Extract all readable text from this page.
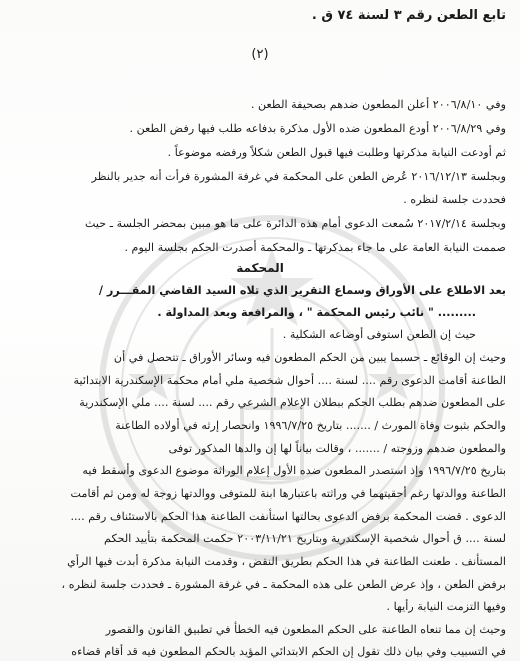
تابع الطعن رقم ٣ لسنة ٧٤ ق .
(٢)
وفي ٢٠٠٦/٨/١٠ أعلن المطعون ضدهم بصحيفة الطعن .
وفي ٢٠٠٦/٨/٢٩ أودع المطعون ضده الأول مذكرة بدفاعه طلب فيها رفض الطعن .
ثم أودعت النيابة مذكرتها وطلبت فيها قبول الطعن شكلاً ورفضه موضوعاً .
وبجلسة ٢٠١٦/١٢/١٣ عُرض الطعن على المحكمة في غرفة المشورة فرأت أنه جدير بالنظر
فحددت جلسة لنظره .
وبجلسة ٢٠١٧/٢/١٤ سُمعت الدعوى أمام هذه الدائرة على ما هو مبين بمحضر الجلسة ـ حيث
صممت النيابة العامة على ما جاء بمذكرتها ـ والمحكمة أصدرت الحكم بجلسة اليوم .
المحكمة
بعد الاطلاع على الأوراق وسماع التقرير الذي تلاه السيد القاضي المقـــرر /
......... " نائب رئيس المحكمة " ، والمرافعة وبعد المداولة .
حيث إن الطعن استوفى أوضاعه الشكلية .
وحيث إن الوقائع ـ حسبما يبين من الحكم المطعون فيه وسائر الأوراق ـ تتحصل في أن
الطاعنة أقامت الدعوى رقم .... لسنة .... أحوال شخصية ملي أمام محكمة الإسكندرية الابتدائية
على المطعون ضدهم بطلب الحكم ببطلان الإعلام الشرعي رقم .... لسنة .... ملي الإسكندرية
والحكم بثبوت وفاة المورث / ....... بتاريخ ١٩٩٦/٧/٢٥ وانحصار إرثه في أولاده الطاعنة
والمطعون ضدهم وزوجته / ....... ، وقالت بياناً لها إن والدها المذكور توفى
بتاريخ ١٩٩٦/٧/٢٥ وإذ استصدر المطعون ضده الأول إعلام الوراثة موضوع الدعوى وأسقط فيه
الطاعنة ووالدتها رغم أحقيتهما في وراثته باعتبارها ابنة للمتوفى ووالدتها زوجة له ومن ثم أقامت
الدعوى . قضت المحكمة برفض الدعوى بحالتها استأنفت الطاعنة هذا الحكم بالاستئناف رقم ....
لسنة .... ق أحوال شخصية الإسكندرية وبتاريخ ٢٠٠٣/١١/٢١ حكمت المحكمة بتأييد الحكم
المستأنف . طعنت الطاعنة في هذا الحكم بطريق النقض ، وقدمت النيابة مذكرة أبدت فيها الرأي
برفض الطعن ، وإذ عرض الطعن على هذه المحكمة ـ في غرفة المشورة ـ فحددت جلسة لنظره ،
وفيها التزمت النيابة رأيها .
وحيث إن مما تنعاه الطاعنة على الحكم المطعون فيه الخطأ في تطبيق القانون والقصور
في التسبيب وفي بيان ذلك تقول إن الحكم الابتدائي المؤيد بالحكم المطعون فيه قد أقام قضاءه
